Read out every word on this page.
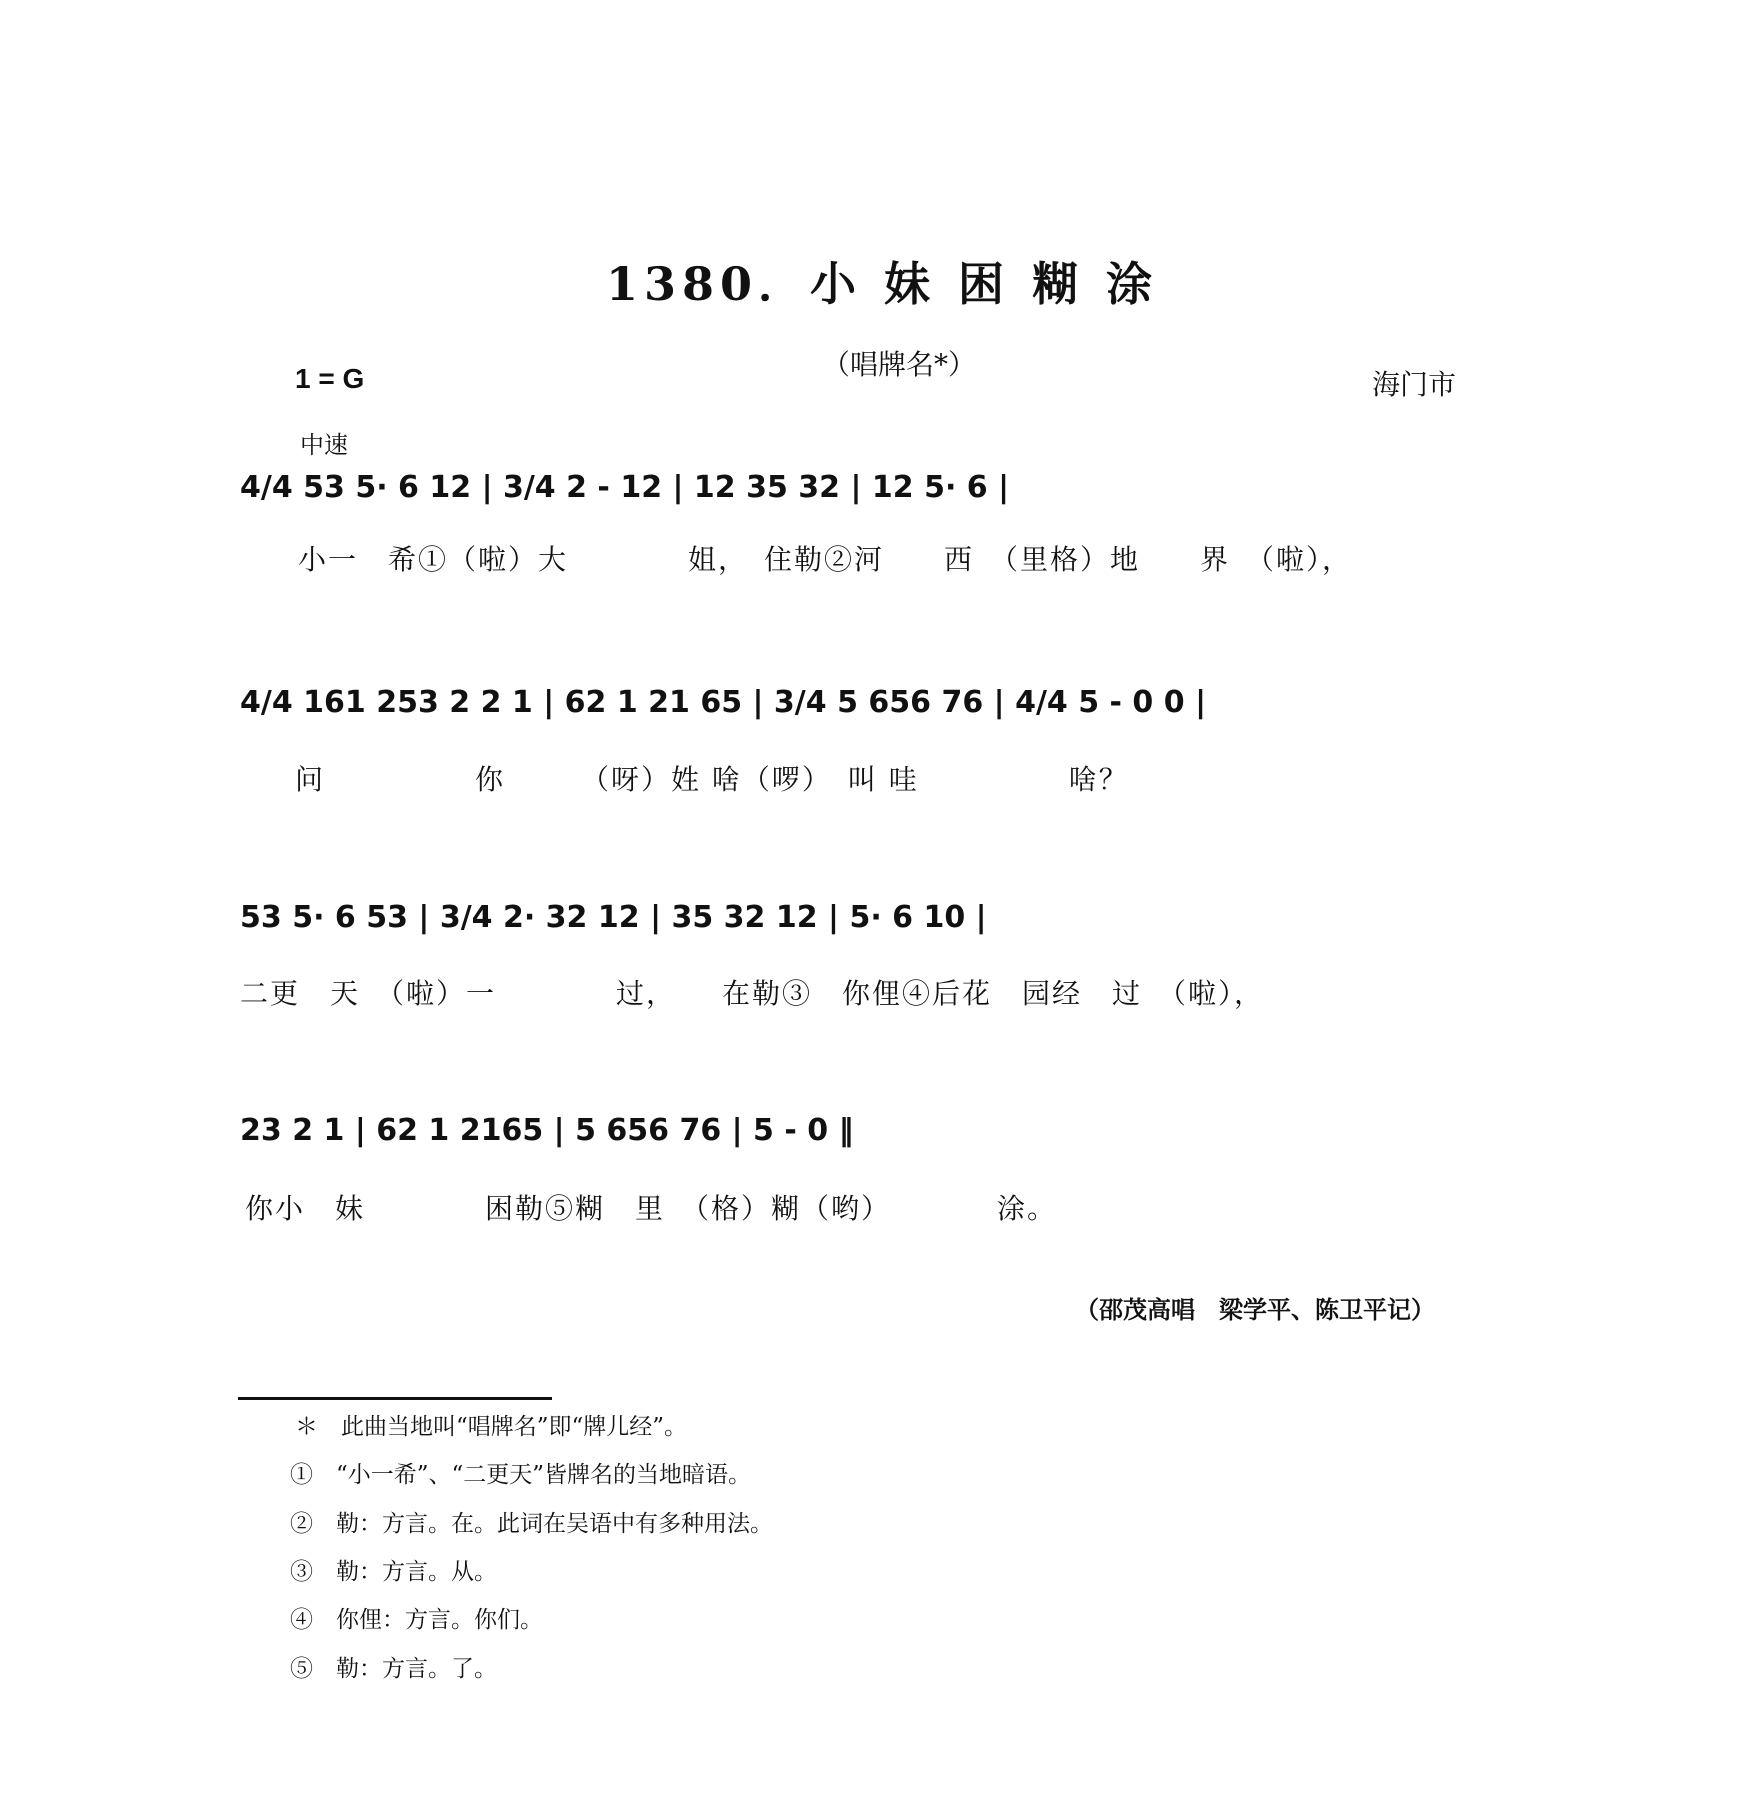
1380．小 妹 困 糊 涂
（唱牌名*）
1 = G	海门市
中速
4/4 53 5· 6 12 | 3/4 2 - 12 | 12 35 32 | 12 5· 6 |
小一　希①（啦）大　　　　姐，　住勒②河　　西　（里格）地　　界　（啦），
4/4 161 253 2 2 1 | 62 1 21 65 | 3/4 5 656 76 | 4/4 5 - 0 0 |
问　　　　　你　　　（呀）姓 啥（啰）　叫 哇　　　　　啥？
53 5· 6 53 | 3/4 2· 32 12 | 35 32 12 | 5· 6 10 |
二更　天　（啦）一　　　　过，　　在勒③　你俚④后花　园经　过　（啦），
23 2 1 | 62 1 2165 | 5 656 76 | 5 - 0 ‖
你小　妹　　　　困勒⑤糊　里　（格）糊（哟）　　　　涂。
（邵茂高唱　梁学平、陈卫平记）
＊　此曲当地叫“唱牌名”即“牌儿经”。
①　“小一希”、“二更天”皆牌名的当地暗语。
②　勒：方言。在。此词在吴语中有多种用法。
③　勒：方言。从。
④　你俚：方言。你们。
⑤　勒：方言。了。
